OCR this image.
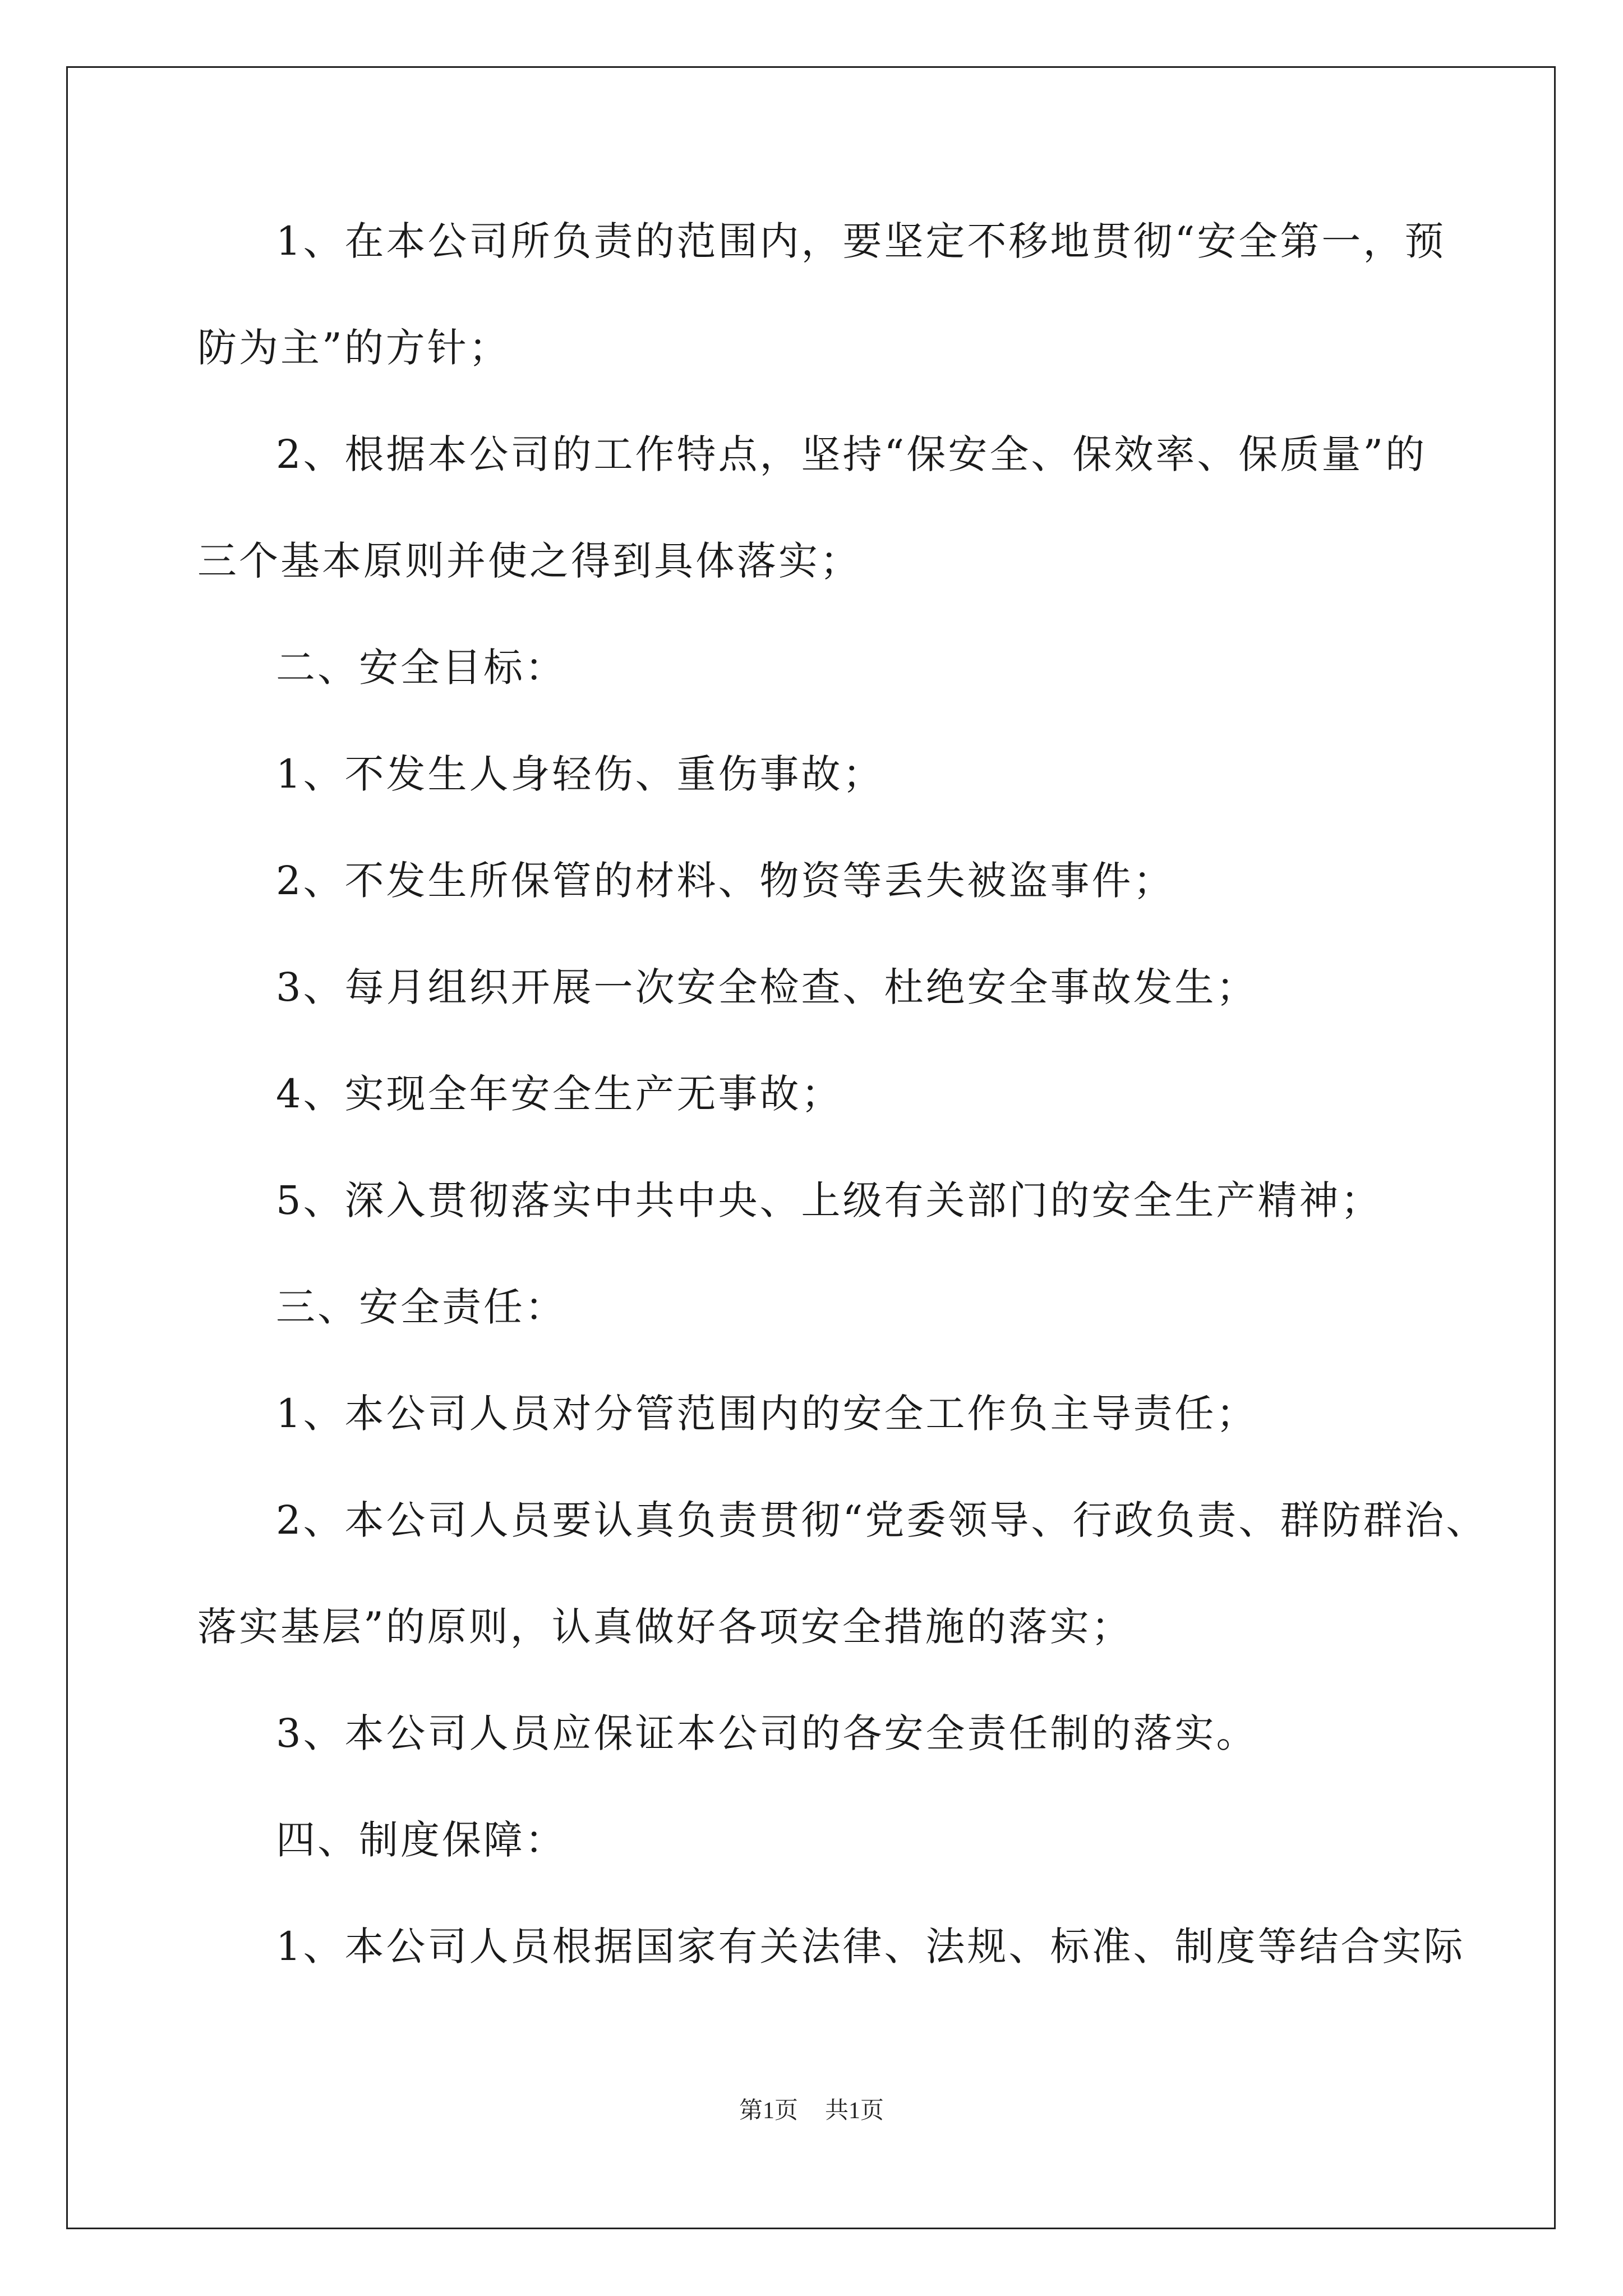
1、在本公司所负责的范围内，要坚定不移地贯彻“安全第一，预
防为主”的方针；
2、根据本公司的工作特点，坚持“保安全、保效率、保质量”的
三个基本原则并使之得到具体落实；
二、安全目标：
1、不发生人身轻伤、重伤事故；
2、不发生所保管的材料、物资等丢失被盗事件；
3、每月组织开展一次安全检查、杜绝安全事故发生；
4、实现全年安全生产无事故；
5、深入贯彻落实中共中央、上级有关部门的安全生产精神；
三、安全责任：
1、本公司人员对分管范围内的安全工作负主导责任；
2、本公司人员要认真负责贯彻“党委领导、行政负责、群防群治、
落实基层”的原则，认真做好各项安全措施的落实；
3、本公司人员应保证本公司的各安全责任制的落实。
四、制度保障：
1、本公司人员根据国家有关法律、法规、标准、制度等结合实际
第1页 共1页
